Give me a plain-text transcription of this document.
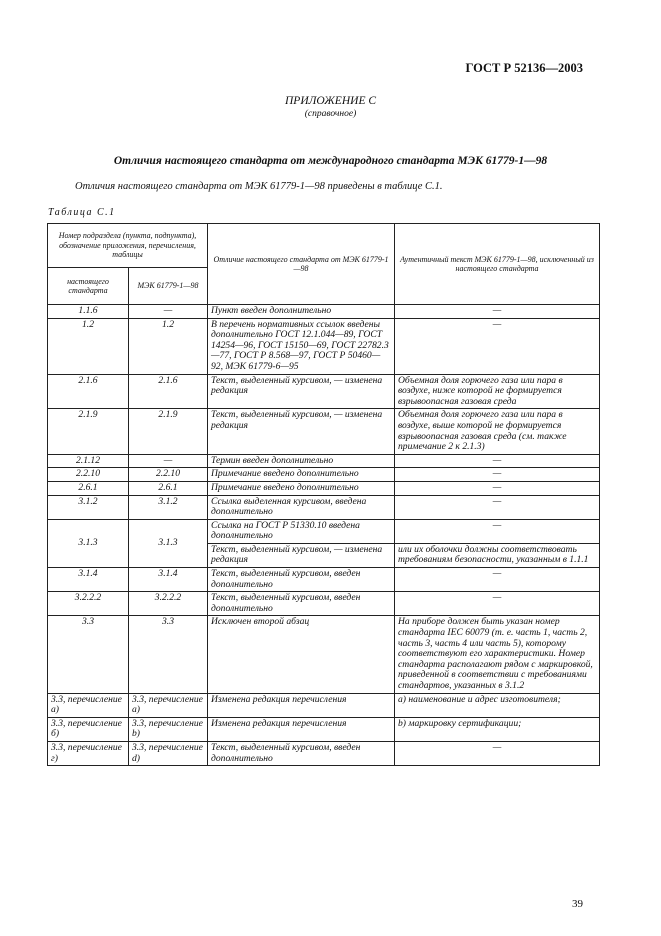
ГОСТ Р 52136—2003
ПРИЛОЖЕНИЕ С
(справочное)
Отличия настоящего стандарта от международного стандарта МЭК 61779-1—98
Отличия настоящего стандарта от МЭК 61779-1—98 приведены в таблице С.1.
Таблица С.1
Номер подраздела (пункта, подпункта), обозначение приложения, перечисления, таблицы		Отличие настоящего стандарта от МЭК 61779-1—98	Аутентичный текст МЭК 61779-1—98, исключенный из настоящего стандарта
настоящего стандарта	МЭК 61779-1—98		
1.1.6	—	Пункт введен дополнительно	—
1.2	1.2	В перечень нормативных ссылок введены дополнительно ГОСТ 12.1.044—89, ГОСТ 14254—96, ГОСТ 15150—69, ГОСТ 22782.3—77, ГОСТ Р 8.568—97, ГОСТ Р 50460—92, МЭК 61779-6—95	—
2.1.6	2.1.6	Текст, выделенный курсивом, — изменена редакция	Объемная доля горючего газа или пара в воздухе, ниже которой не формируется взрывоопасная газовая среда
2.1.9	2.1.9	Текст, выделенный курсивом, — изменена редакция	Объемная доля горючего газа или пара в воздухе, выше которой не формируется взрывоопасная газовая среда (см. также примечание 2 к 2.1.3)
2.1.12	—	Термин введен дополнительно	—
2.2.10	2.2.10	Примечание введено дополнительно	—
2.6.1	2.6.1	Примечание введено дополнительно	—
3.1.2	3.1.2	Ссылка выделенная курсивом, введена дополнительно	—
3.1.3	3.1.3	Ссылка на ГОСТ Р 51330.10 введена дополнительно	—
		Текст, выделенный курсивом, — изменена редакция	или их оболочки должны соответствовать требованиям безопасности, указанным в 1.1.1
3.1.4	3.1.4	Текст, выделенный курсивом, введен дополнительно	—
3.2.2.2	3.2.2.2	Текст, выделенный курсивом, введен дополнительно	—
3.3	3.3	Исключен второй абзац	На приборе должен быть указан номер стандарта IEC 60079 (т. е. часть 1, часть 2, часть 3, часть 4 или часть 5), которому соответствуют его характеристики. Номер стандарта располагают рядом с маркировкой, приведенной в соответствии с требованиями стандартов, указанных в 3.1.2
3.3, перечисление а)	3.3, перечисление а)	Изменена редакция перечисления	а) наименование и адрес изготовителя;
3.3, перечисление б)	3.3, перечисление b)	Изменена редакция перечисления	b) маркировку сертификации;
3.3, перечисление г)	3.3, перечисление d)	Текст, выделенный курсивом, введен дополнительно	—
39
